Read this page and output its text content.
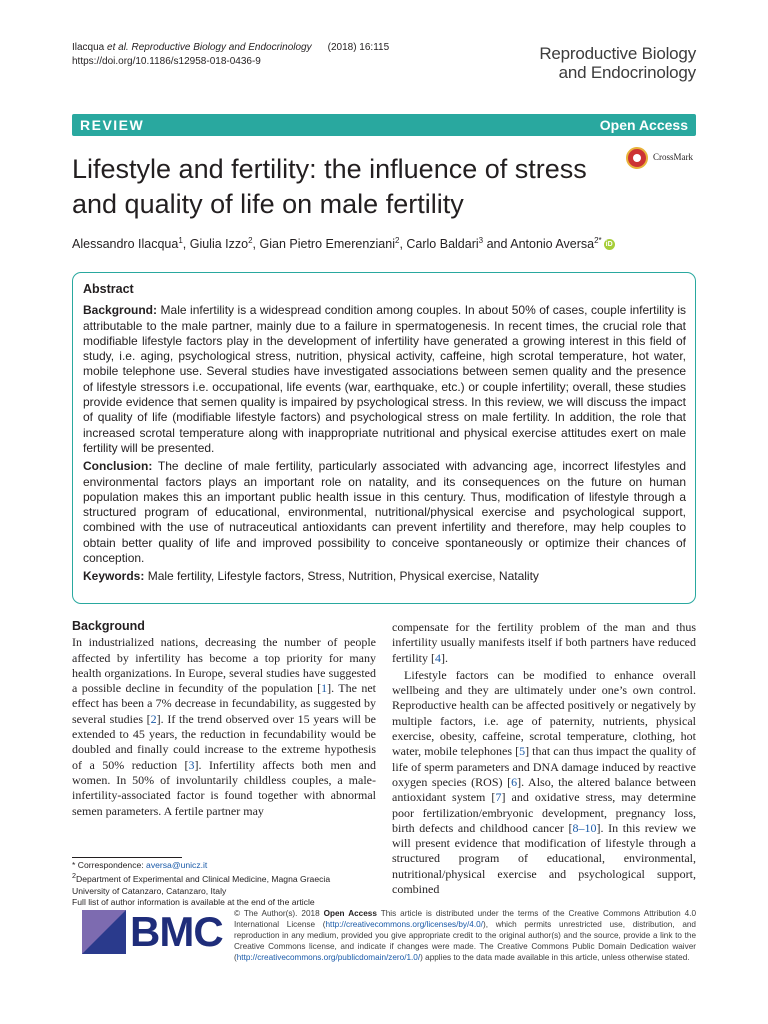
Ilacqua et al. Reproductive Biology and Endocrinology (2018) 16:115
https://doi.org/10.1186/s12958-018-0436-9	Reproductive Biology
and Endocrinology
REVIEW	Open Access
Lifestyle and fertility: the influence of stress and quality of life on male fertility
CrossMark
Alessandro Ilacqua$^1$, Giulia Izzo$^2$, Gian Pietro Emerenziani$^2$, Carlo Baldari$^3$ and Antonio Aversa$^{2*}$ iD
Abstract

Background: Male infertility is a widespread condition among couples. In about 50% of cases, couple infertility is attributable to the male partner, mainly due to a failure in spermatogenesis. In recent times, the crucial role that modifiable lifestyle factors play in the development of infertility have generated a growing interest in this field of study, i.e. aging, psychological stress, nutrition, physical activity, caffeine, high scrotal temperature, hot water, mobile telephone use. Several studies have investigated associations between semen quality and the presence of lifestyle stressors i.e. occupational, life events (war, earthquake, etc.) or couple infertility; overall, these studies provide evidence that semen quality is impaired by psychological stress. In this review, we will discuss the impact of quality of life (modifiable lifestyle factors) and psychological stress on male fertility. In addition, the role that increased scrotal temperature along with inappropriate nutritional and physical exercise attitudes exert on male fertility will be presented.

Conclusion: The decline of male fertility, particularly associated with advancing age, incorrect lifestyles and environmental factors plays an important role on natality, and its consequences on the future on human population makes this an important public health issue in this century. Thus, modification of lifestyle through a structured program of educational, environmental, nutritional/physical exercise and psychological support, combined with the use of nutraceutical antioxidants can prevent infertility and therefore, may help couples to obtain better quality of life and improved possibility to conceive spontaneously or optimize their chances of conception.

Keywords: Male fertility, Lifestyle factors, Stress, Nutrition, Physical exercise, Natality

Background

In industrialized nations, decreasing the number of people affected by infertility has become a top priority for many health organizations. In Europe, several studies have suggested a possible decline in fecundity of the population [1]. The net effect has been a 7% decrease in fecundability, as suggested by several studies [2]. If the trend observed over 15 years will be extended to 45 years, the reduction in fecundability would be doubled and finally could increase to the extreme hypothesis of a 50% reduction [3]. Infertility affects both men and women. In 50% of involuntarily childless couples, a male-infertility-associated factor is found together with abnormal semen parameters. A fertile partner may

compensate for the fertility problem of the man and thus infertility usually manifests itself if both partners have reduced fertility [4].

Lifestyle factors can be modified to enhance overall wellbeing and they are ultimately under one’s own control. Reproductive health can be affected positively or negatively by multiple factors, i.e. age of paternity, nutrients, physical exercise, obesity, caffeine, scrotal temperature, clothing, hot water, mobile telephones [5] that can thus impact the quality of life of sperm parameters and DNA damage induced by reactive oxygen species (ROS) [6]. Also, the altered balance between antioxidant system [7] and oxidative stress, may determine poor fertilization/embryonic development, pregnancy loss, birth defects and childhood cancer [8–10]. In this review we will present evidence that modification of lifestyle through a structured program of educational, environmental, nutritional/physical exercise and psychological support, combined

* Correspondence: aversa@unicz.it
$^2$Department of Experimental and Clinical Medicine, Magna Graecia
University of Catanzaro, Catanzaro, Italy
Full list of author information is available at the end of the article
BMC © The Author(s). 2018 Open Access This article is distributed under the terms of the Creative Commons Attribution 4.0 International License (http://creativecommons.org/licenses/by/4.0/), which permits unrestricted use, distribution, and reproduction in any medium, provided you give appropriate credit to the original author(s) and the source, provide a link to the Creative Commons license, and indicate if changes were made. The Creative Commons Public Domain Dedication waiver (http://creativecommons.org/publicdomain/zero/1.0/) applies to the data made available in this article, unless otherwise stated.
